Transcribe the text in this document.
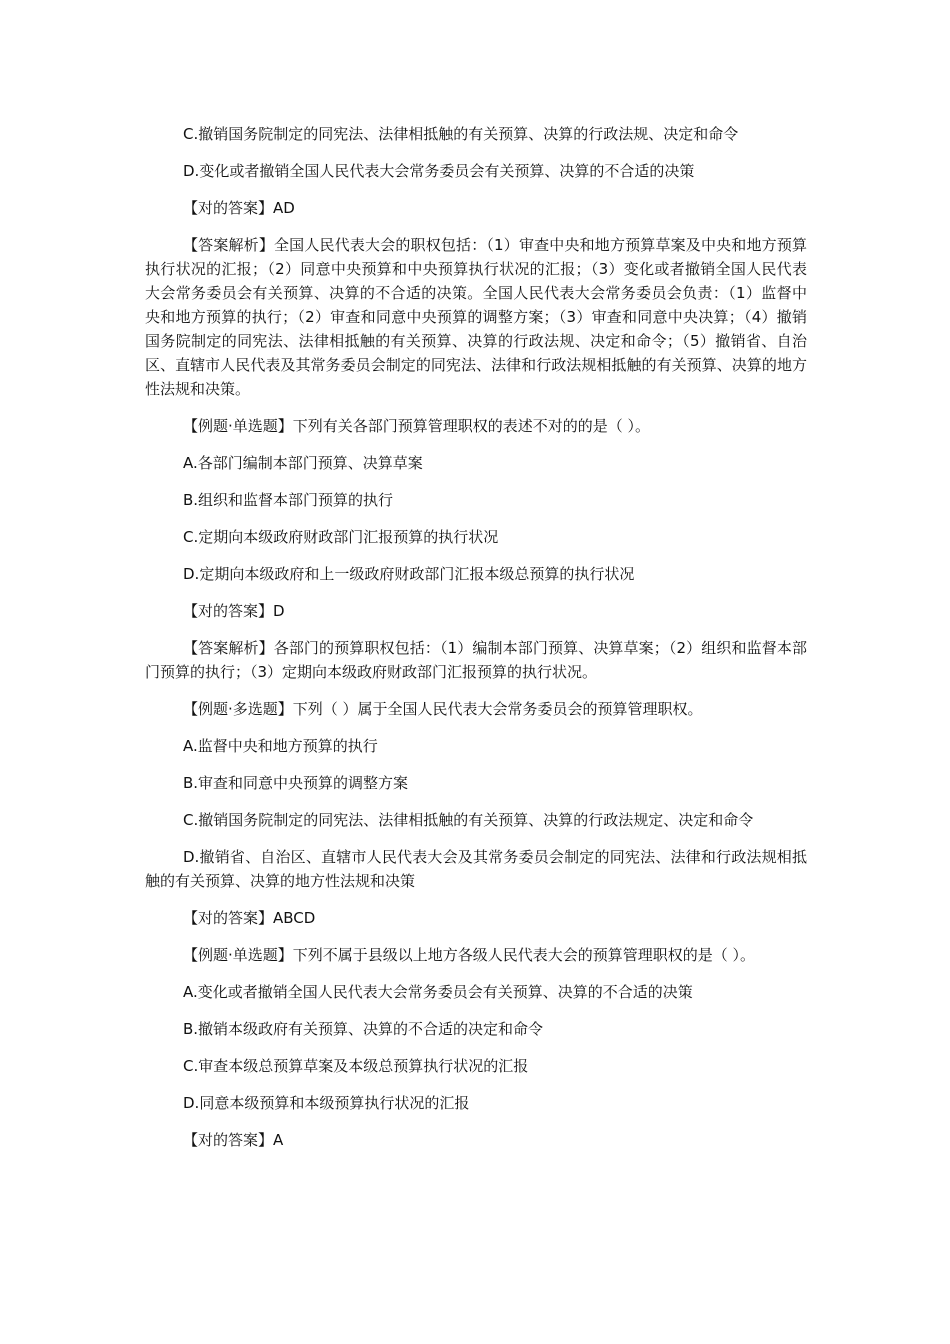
C.撤销国务院制定的同宪法、法律相抵触的有关预算、决算的行政法规、决定和命令

D.变化或者撤销全国人民代表大会常务委员会有关预算、决算的不合适的决策

【对的答案】AD

【答案解析】全国人民代表大会的职权包括：（1）审查中央和地方预算草案及中央和地方预算执行状况的汇报；（2）同意中央预算和中央预算执行状况的汇报；（3）变化或者撤销全国人民代表大会常务委员会有关预算、决算的不合适的决策。全国人民代表大会常务委员会负责：（1）监督中央和地方预算的执行；（2）审查和同意中央预算的调整方案；（3）审查和同意中央决算；（4）撤销国务院制定的同宪法、法律相抵触的有关预算、决算的行政法规、决定和命令；（5）撤销省、自治区、直辖市人民代表及其常务委员会制定的同宪法、法律和行政法规相抵触的有关预算、决算的地方性法规和决策。

【例题·单选题】下列有关各部门预算管理职权的表述不对的的是（ ）。

A.各部门编制本部门预算、决算草案

B.组织和监督本部门预算的执行

C.定期向本级政府财政部门汇报预算的执行状况

D.定期向本级政府和上一级政府财政部门汇报本级总预算的执行状况

【对的答案】D

【答案解析】各部门的预算职权包括：（1）编制本部门预算、决算草案；（2）组织和监督本部门预算的执行；（3）定期向本级政府财政部门汇报预算的执行状况。

【例题·多选题】下列（ ）属于全国人民代表大会常务委员会的预算管理职权。

A.监督中央和地方预算的执行

B.审查和同意中央预算的调整方案

C.撤销国务院制定的同宪法、法律相抵触的有关预算、决算的行政法规定、决定和命令

D.撤销省、自治区、直辖市人民代表大会及其常务委员会制定的同宪法、法律和行政法规相抵触的有关预算、决算的地方性法规和决策

【对的答案】ABCD

【例题·单选题】下列不属于县级以上地方各级人民代表大会的预算管理职权的是（ ）。

A.变化或者撤销全国人民代表大会常务委员会有关预算、决算的不合适的决策

B.撤销本级政府有关预算、决算的不合适的决定和命令

C.审查本级总预算草案及本级总预算执行状况的汇报

D.同意本级预算和本级预算执行状况的汇报

【对的答案】A
